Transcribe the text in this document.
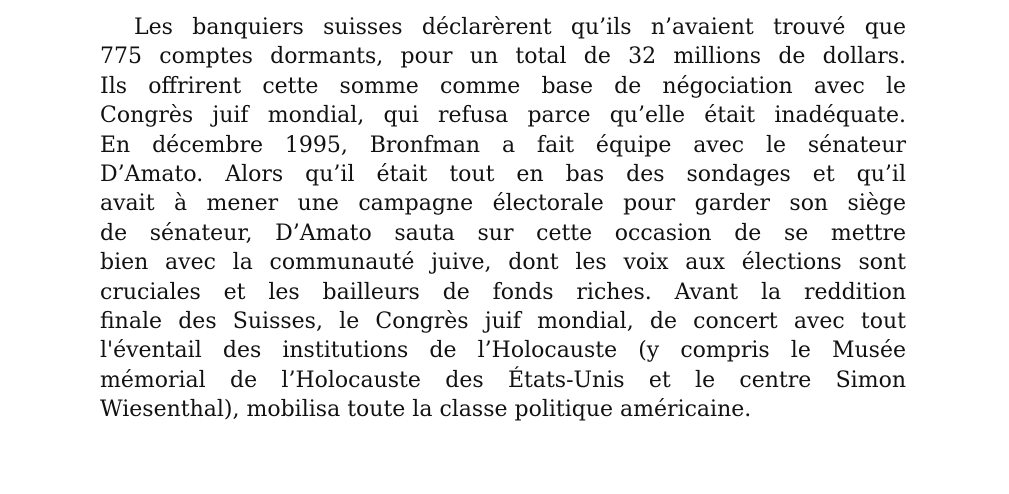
Les banquiers suisses déclarèrent qu’ils n’avaient trouvé que
775 comptes dormants, pour un total de 32 millions de dollars.
Ils offrirent cette somme comme base de négociation avec le
Congrès juif mondial, qui refusa parce qu’elle était inadéquate.
En décembre 1995, Bronfman a fait équipe avec le sénateur
D’Amato. Alors qu’il était tout en bas des sondages et qu’il
avait à mener une campagne électorale pour garder son siège
de sénateur, D’Amato sauta sur cette occasion de se mettre
bien avec la communauté juive, dont les voix aux élections sont
cruciales et les bailleurs de fonds riches. Avant la reddition
finale des Suisses, le Congrès juif mondial, de concert avec tout
l'éventail des institutions de l’Holocauste (y compris le Musée
mémorial de l’Holocauste des États-Unis et le centre Simon
Wiesenthal), mobilisa toute la classe politique américaine.
